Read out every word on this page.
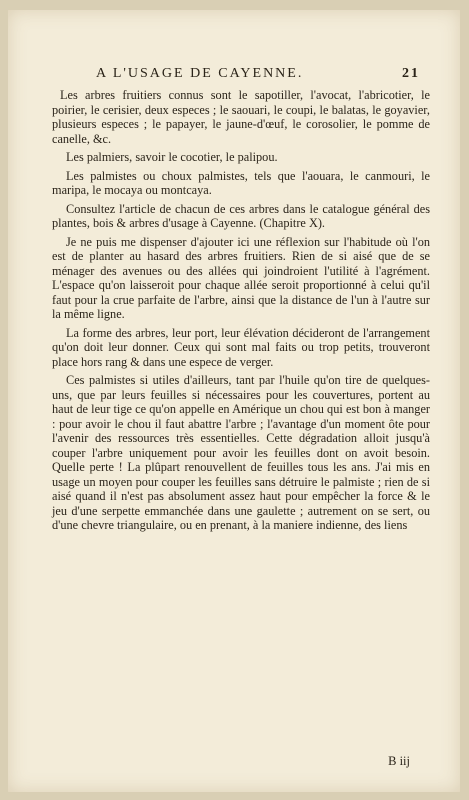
A L'USAGE DE CAYENNE.	21

Les arbres fruitiers connus sont le sapotiller, l'avocat, l'abricotier, le poirier, le cerisier, deux especes ; le saouari, le coupi, le balatas, le goyavier, plusieurs especes ; le papayer, le jaune-d'œuf, le corosolier, le pomme de canelle, &c.

Les palmiers, savoir le cocotier, le palipou.

Les palmistes ou choux palmistes, tels que l'aouara, le canmouri, le maripa, le mocaya ou montcaya.

Consultez l'article de chacun de ces arbres dans le catalogue général des plantes, bois & arbres d'usage à Cayenne. (Chapitre X).

Je ne puis me dispenser d'ajouter ici une réflexion sur l'habitude où l'on est de planter au hasard des arbres fruitiers. Rien de si aisé que de se ménager des avenues ou des allées qui joindroient l'utilité à l'agrément. L'espace qu'on laisseroit pour chaque allée seroit proportionné à celui qu'il faut pour la crue parfaite de l'arbre, ainsi que la distance de l'un à l'autre sur la même ligne.

La forme des arbres, leur port, leur élévation décideront de l'arrangement qu'on doit leur donner. Ceux qui sont mal faits ou trop petits, trouveront place hors rang & dans une espece de verger.

Ces palmistes si utiles d'ailleurs, tant par l'huile qu'on tire de quelques-uns, que par leurs feuilles si nécessaires pour les couvertures, portent au haut de leur tige ce qu'on appelle en Amérique un chou qui est bon à manger : pour avoir le chou il faut abattre l'arbre ; l'avantage d'un moment ôte pour l'avenir des ressources très essentielles. Cette dégradation alloit jusqu'à couper l'arbre uniquement pour avoir les feuilles dont on avoit besoin. Quelle perte ! La plûpart renouvellent de feuilles tous les ans. J'ai mis en usage un moyen pour couper les feuilles sans détruire le palmiste ; rien de si aisé quand il n'est pas absolument assez haut pour empêcher la force & le jeu d'une serpette emmanchée dans une gaulette ; autrement on se sert, ou d'une chevre triangulaire, ou en prenant, à la maniere indienne, des liens

B iij
